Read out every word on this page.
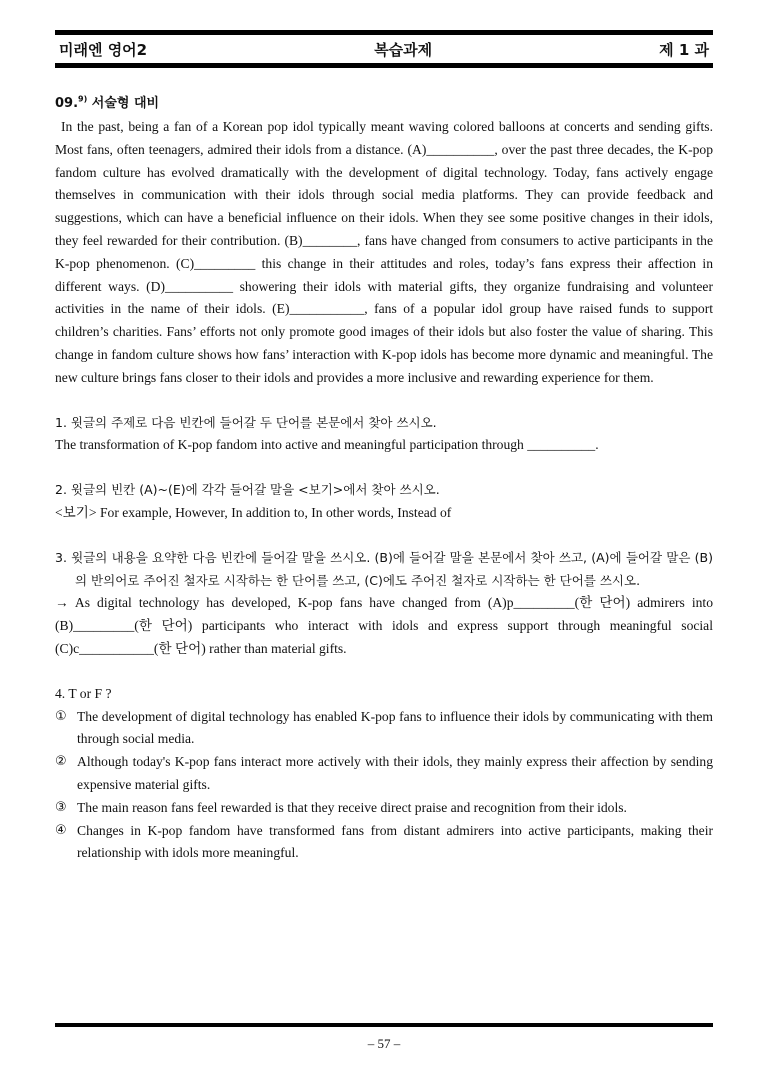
미래엔 영어2	복습과제	제 1 과
09.$^{9)}$ 서술형 대비
In the past, being a fan of a Korean pop idol typically meant waving colored balloons at concerts and sending gifts. Most fans, often teenagers, admired their idols from a distance. (A)__________, over the past three decades, the K-pop fandom culture has evolved dramatically with the development of digital technology. Today, fans actively engage themselves in communication with their idols through social media platforms. They can provide feedback and suggestions, which can have a beneficial influence on their idols. When they see some positive changes in their idols, they feel rewarded for their contribution. (B)________, fans have changed from consumers to active participants in the K-pop phenomenon. (C)_________ this change in their attitudes and roles, today’s fans express their affection in different ways. (D)__________ showering their idols with material gifts, they organize fundraising and volunteer activities in the name of their idols. (E)___________, fans of a popular idol group have raised funds to support children’s charities. Fans’ efforts not only promote good images of their idols but also foster the value of sharing. This change in fandom culture shows how fans’ interaction with K-pop idols has become more dynamic and meaningful. The new culture brings fans closer to their idols and provides a more inclusive and rewarding experience for them.
1. 윗글의 주제로 다음 빈칸에 들어갈 두 단어를 본문에서 찾아 쓰시오.
The transformation of K-pop fandom into active and meaningful participation through __________.
2. 윗글의 빈칸 (A)~(E)에 각각 들어갈 말을 <보기>에서 찾아 쓰시오.
<보기> For example, However, In addition to, In other words, Instead of
3. 윗글의 내용을 요약한 다음 빈칸에 들어갈 말을 쓰시오. (B)에 들어갈 말을 본문에서 찾아 쓰고, (A)에 들어갈 말은 (B)의 반의어로 주어진 철자로 시작하는 한 단어를 쓰고, (C)에도 주어진 철자로 시작하는 한 단어를 쓰시오.
→ As digital technology has developed, K-pop fans have changed from (A)p_________(한 단어) admirers into (B)_________(한 단어) participants who interact with idols and express support through meaningful social (C)c___________(한 단어) rather than material gifts.
4. T or F ?
① The development of digital technology has enabled K-pop fans to influence their idols by communicating with them through social media.
② Although today's K-pop fans interact more actively with their idols, they mainly express their affection by sending expensive material gifts.
③ The main reason fans feel rewarded is that they receive direct praise and recognition from their idols.
④ Changes in K-pop fandom have transformed fans from distant admirers into active participants, making their relationship with idols more meaningful.
– 57 –
